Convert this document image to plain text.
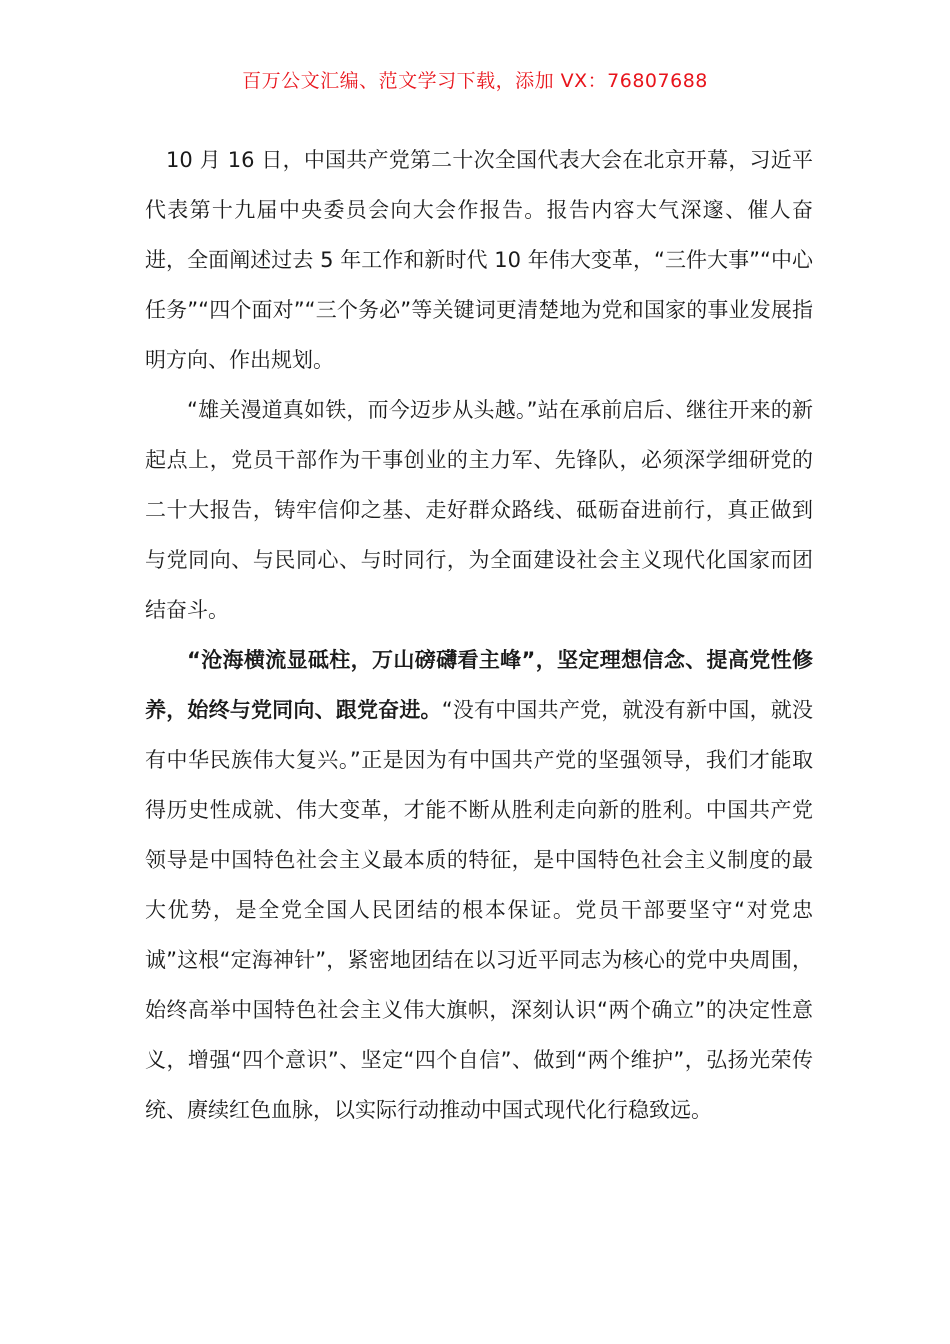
百万公文汇编、范文学习下载，添加 VX：76807688

10 月 16 日，中国共产党第二十次全国代表大会在北京开幕，习近平代表第十九届中央委员会向大会作报告。报告内容大气深邃、催人奋进，全面阐述过去 5 年工作和新时代 10 年伟大变革，“三件大事”“中心任务”“四个面对”“三个务必”等关键词更清楚地为党和国家的事业发展指明方向、作出规划。

“雄关漫道真如铁，而今迈步从头越。”站在承前启后、继往开来的新起点上，党员干部作为干事创业的主力军、先锋队，必须深学细研党的二十大报告，铸牢信仰之基、走好群众路线、砥砺奋进前行，真正做到与党同向、与民同心、与时同行，为全面建设社会主义现代化国家而团结奋斗。

“沧海横流显砥柱，万山磅礴看主峰”，坚定理想信念、提高党性修养，始终与党同向、跟党奋进。“没有中国共产党，就没有新中国，就没有中华民族伟大复兴。”正是因为有中国共产党的坚强领导，我们才能取得历史性成就、伟大变革，才能不断从胜利走向新的胜利。中国共产党领导是中国特色社会主义最本质的特征，是中国特色社会主义制度的最大优势，是全党全国人民团结的根本保证。党员干部要坚守“对党忠诚”这根“定海神针”，紧密地团结在以习近平同志为核心的党中央周围，始终高举中国特色社会主义伟大旗帜，深刻认识“两个确立”的决定性意义，增强“四个意识”、坚定“四个自信”、做到“两个维护”，弘扬光荣传统、赓续红色血脉，以实际行动推动中国式现代化行稳致远。
